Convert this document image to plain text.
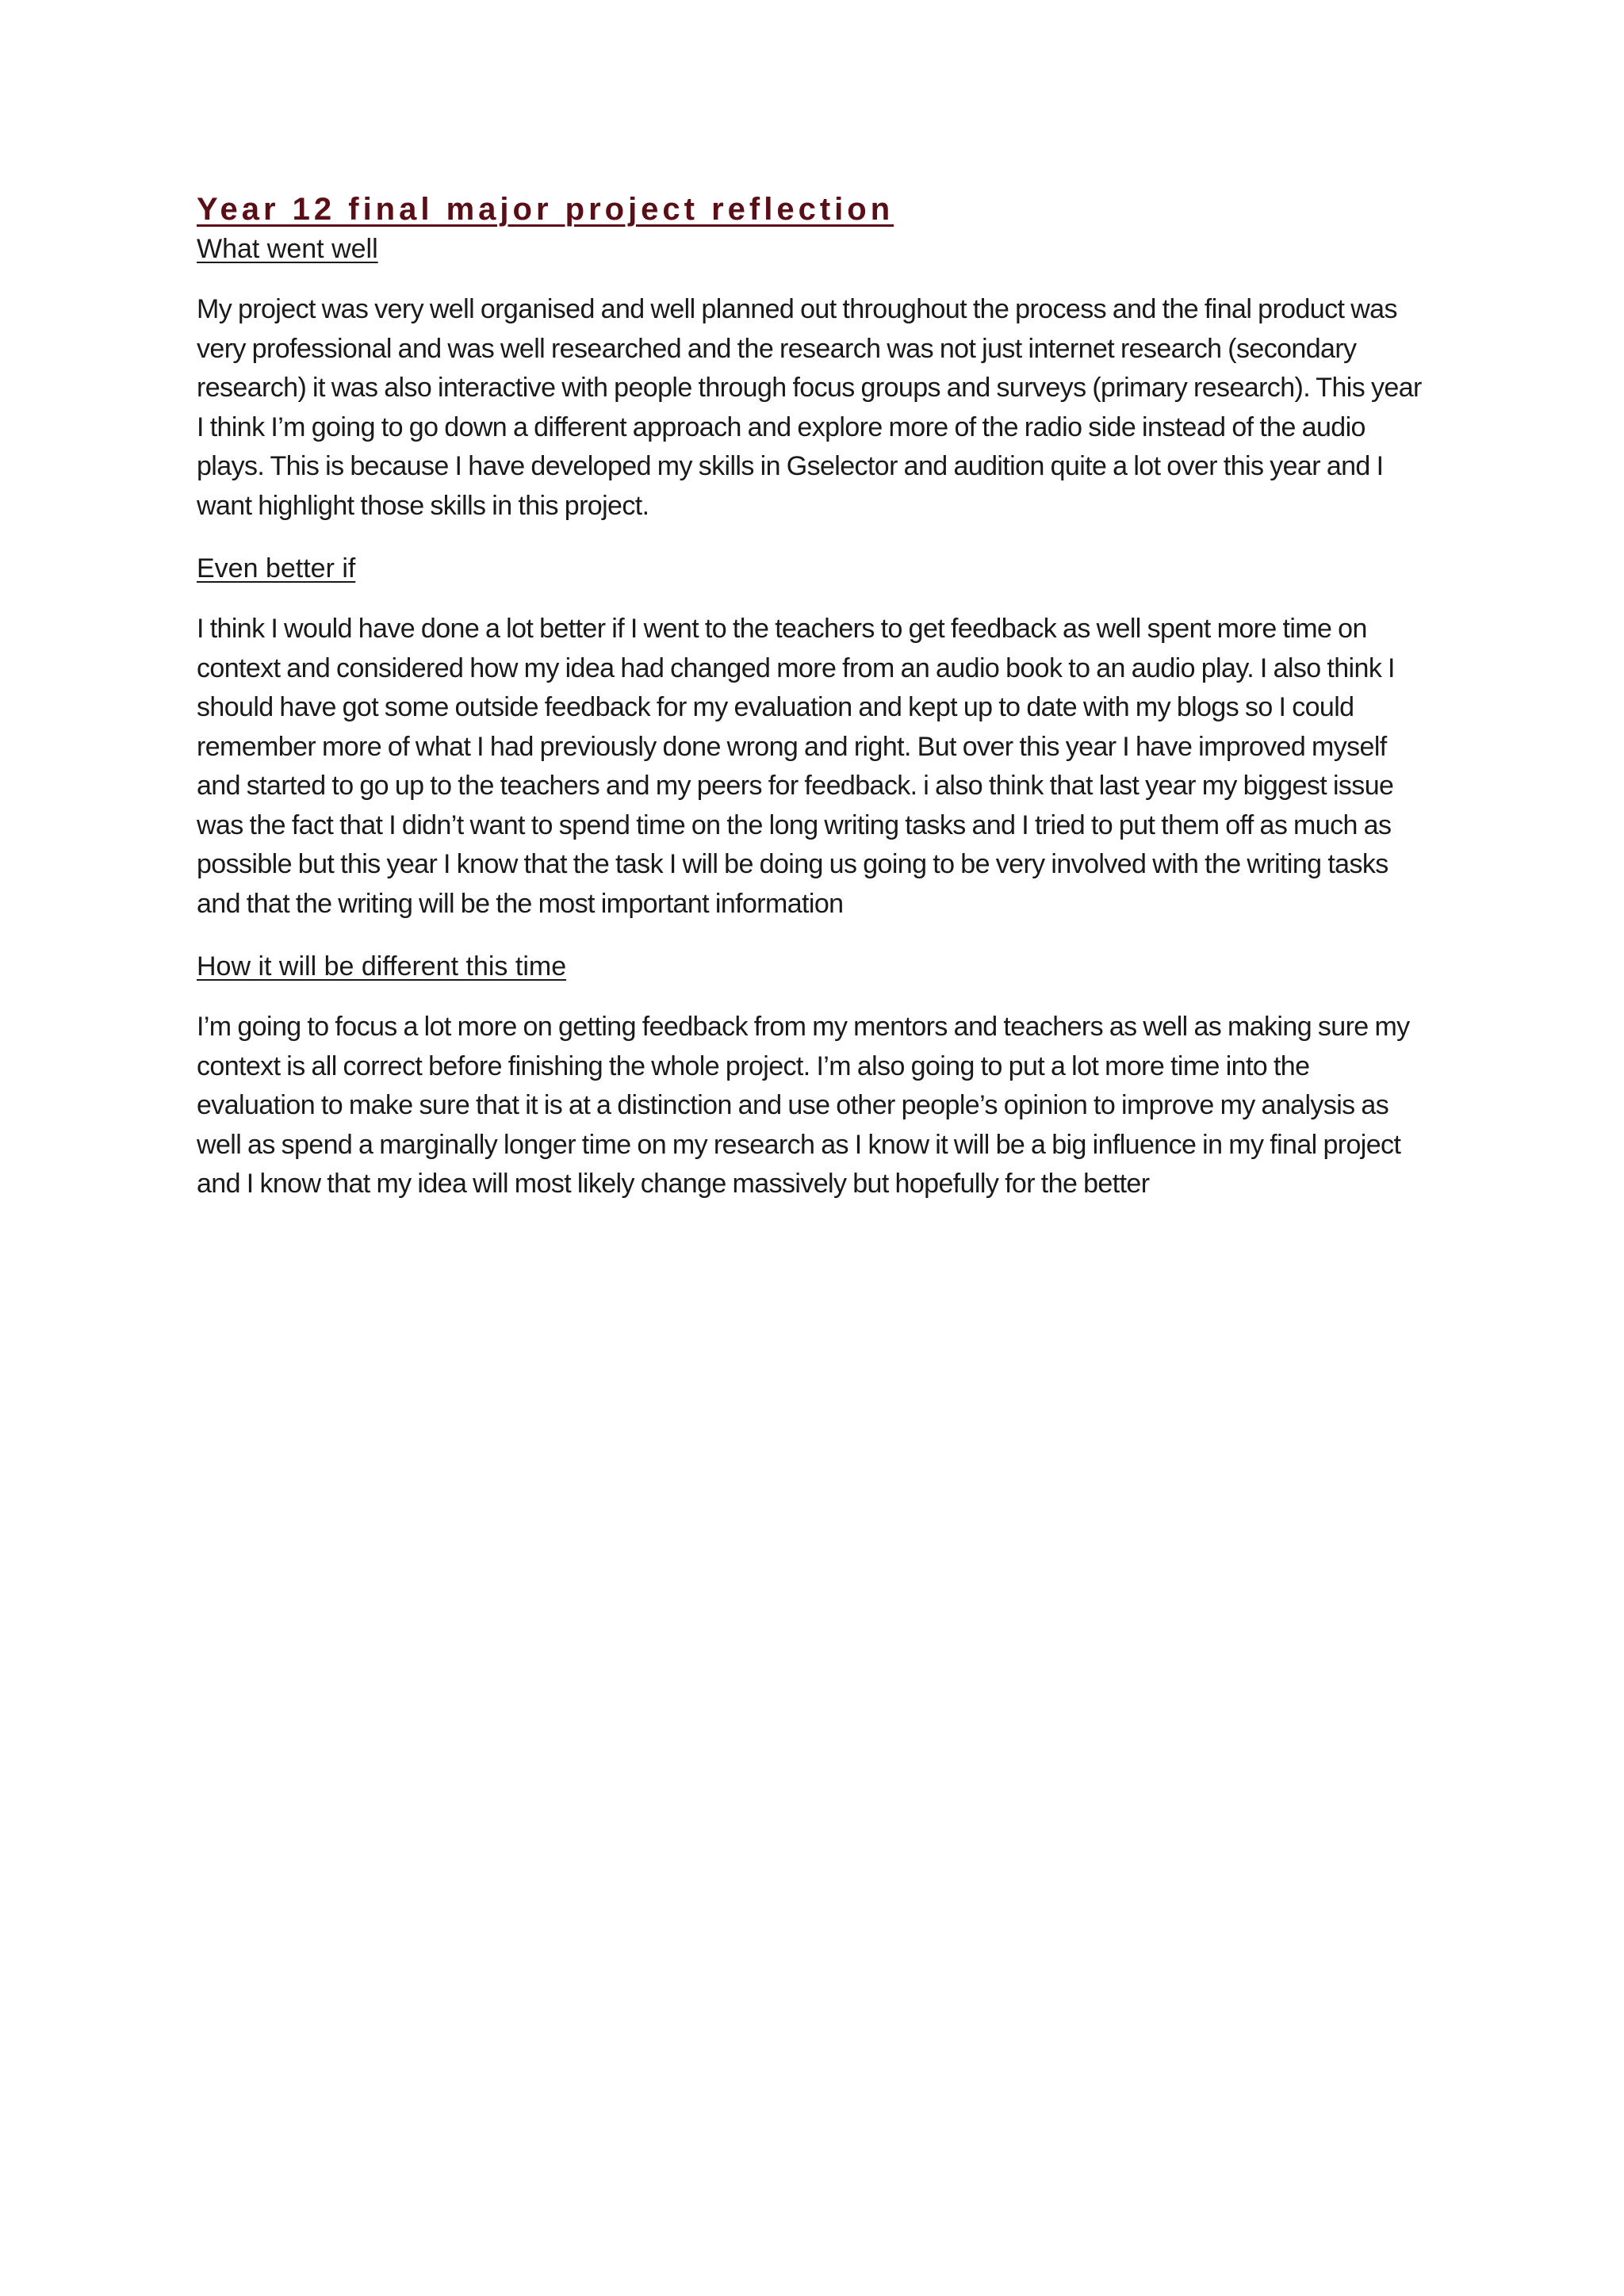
Year 12 final major project reflection
What went well

My project was very well organised and well planned out throughout the process and the final product was very professional and was well researched and the research was not just internet research (secondary research) it was also interactive with people through focus groups and surveys (primary research). This year I think I’m going to go down a different approach and explore more of the radio side instead of the audio plays. This is because I have developed my skills in Gselector and audition quite a lot over this year and I want highlight those skills in this project.

Even better if

I think I would have done a lot better if I went to the teachers to get feedback as well spent more time on context and considered how my idea had changed more from an audio book to an audio play. I also think I should have got some outside feedback for my evaluation and kept up to date with my blogs so I could remember more of what I had previously done wrong and right. But over this year I have improved myself and started to go up to the teachers and my peers for feedback. i also think that last year my biggest issue was the fact that I didn’t want to spend time on the long writing tasks and I tried to put them off as much as possible but this year I know that the task I will be doing us going to be very involved with the writing tasks and that the writing will be the most important information

How it will be different this time

I’m going to focus a lot more on getting feedback from my mentors and teachers as well as making sure my context is all correct before finishing the whole project. I’m also going to put a lot more time into the evaluation to make sure that it is at a distinction and use other people’s opinion to improve my analysis as well as spend a marginally longer time on my research as I know it will be a big influence in my final project and I know that my idea will most likely change massively but hopefully for the better
